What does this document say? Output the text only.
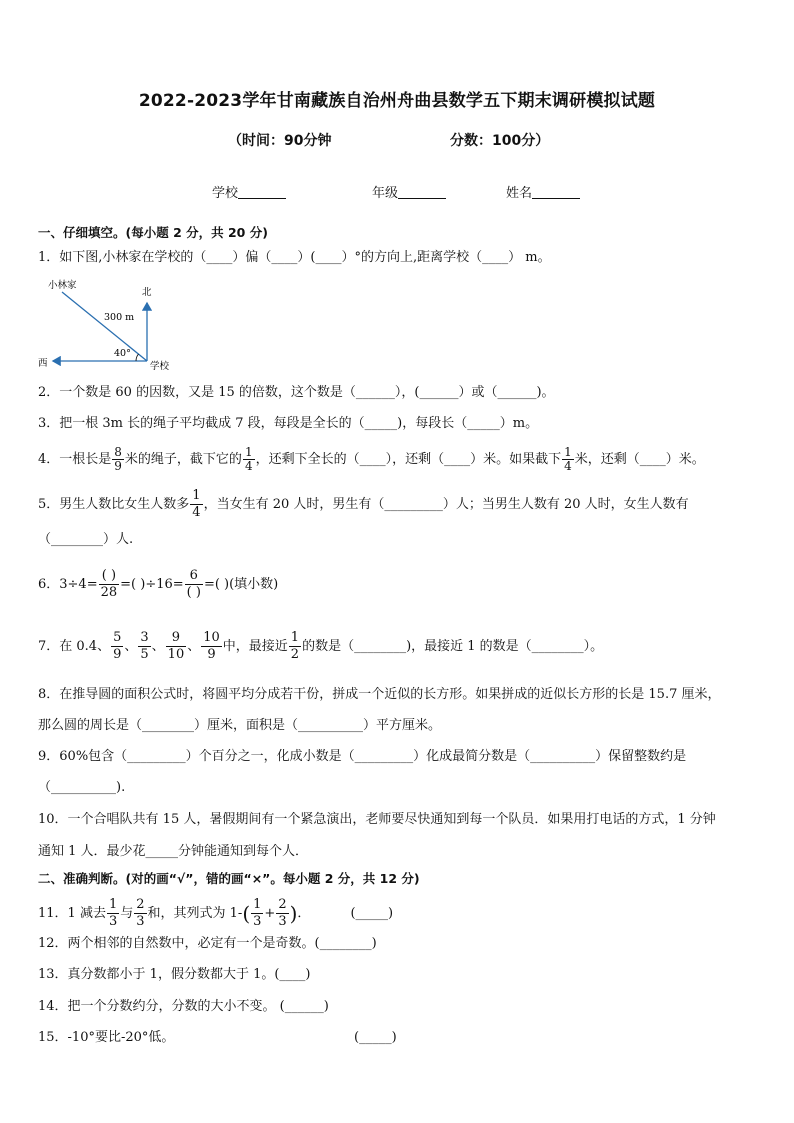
2022-2023学年甘南藏族自治州舟曲县数学五下期末调研模拟试题
（时间：90分钟	分数：100分）
学校	年级	姓名
一、仔细填空。(每小题 2 分，共 20 分)
1．如下图,小林家在学校的（____）偏（____）(____）°的方向上,距离学校（____） m。
小林家
300 m
40°
北
西	学校
2．一个数是 60 的因数，又是 15 的倍数，这个数是（______），(______）或（______)。
3．把一根 3m 长的绳子平均截成 7 段，每段是全长的（_____)，每段长（_____）m。
4．一根长是 $\frac{8}{9}$ 米的绳子，截下它的 $\frac{1}{4}$ ，还剩下全长的（____），还剩（____）米。如果截下 $\frac{1}{4}$ 米，还剩（____）米。
5．男生人数比女生人数多 $\frac{1}{4}$ ，当女生有 20 人时，男生有（_________）人；当男生人数有 20 人时，女生人数有
（________）人.
6．$3\div 4= \frac{( )}{28}$ =( )$\div 16= \frac{6}{( )}$ =( )(填小数)
7．在 0.4、 $\frac{5}{9}$ 、 $\frac{3}{5}$ 、 $\frac{9}{10}$ 、 $\frac{10}{9}$ 中，最接近 $\frac{1}{2}$ 的数是（________)，最接近 1 的数是（________）。
8．在推导圆的面积公式时，将圆平均分成若干份，拼成一个近似的长方形。如果拼成的近似长方形的长是 15.7 厘米，
那么圆的周长是（________）厘米，面积是（__________）平方厘米。
9．60%包含（_________）个百分之一，化成小数是（_________）化成最简分数是（__________）保留整数约是
（__________).
10．一个合唱队共有 15 人，暑假期间有一个紧急演出，老师要尽快通知到每一个队员．如果用打电话的方式，1 分钟
通知 1 人．最少花_____分钟能通知到每个人．
二、准确判断。(对的画“√”，错的画“×”。每小题 2 分，共 12 分)
11．1 减去 $\frac{1}{3}$ 与 $\frac{2}{3}$ 和，其列式为 $1-( \frac{1}{3} + \frac{2}{3}$ )．	(_____)
12．两个相邻的自然数中，必定有一个是奇数。(________)
13．真分数都小于 1，假分数都大于 1。(____)
14．把一个分数约分，分数的大小不变。 (______)
15．-10°要比-20°低。	(_____)
